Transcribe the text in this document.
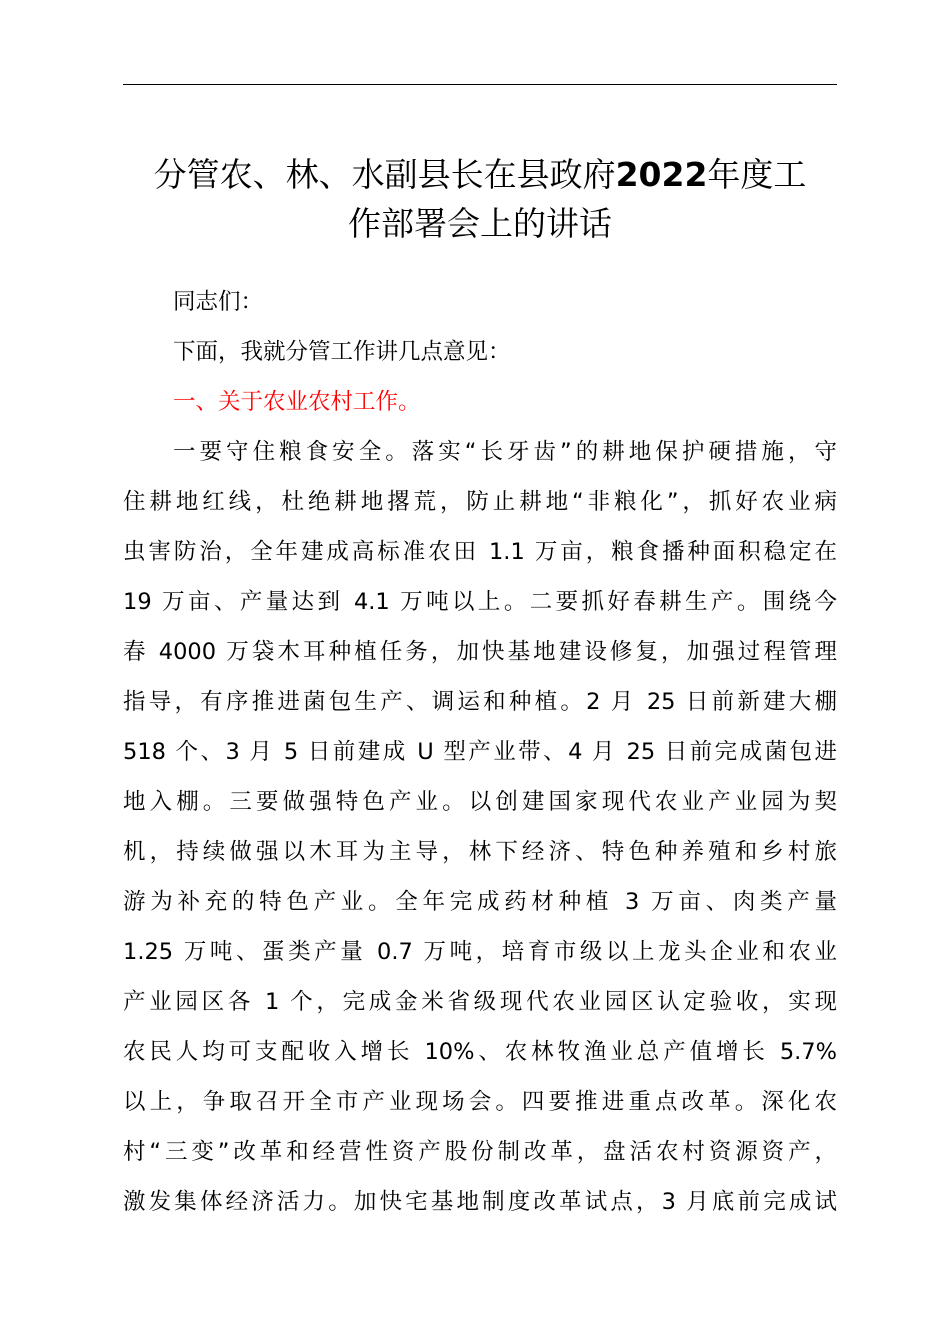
分管农、林、水副县长在县政府2022年度工
作部署会上的讲话
同志们：
下面，我就分管工作讲几点意见：
一、关于农业农村工作。
一要守住粮食安全。落实“长牙齿”的耕地保护硬措施，守
住耕地红线，杜绝耕地撂荒，防止耕地“非粮化”，抓好农业病
虫害防治，全年建成高标准农田 1.1 万亩，粮食播种面积稳定在
19 万亩、产量达到 4.1 万吨以上。二要抓好春耕生产。围绕今
春 4000 万袋木耳种植任务，加快基地建设修复，加强过程管理
指导，有序推进菌包生产、调运和种植。2 月 25 日前新建大棚
518 个、3 月 5 日前建成 U 型产业带、4 月 25 日前完成菌包进
地入棚。三要做强特色产业。以创建国家现代农业产业园为契
机，持续做强以木耳为主导，林下经济、特色种养殖和乡村旅
游为补充的特色产业。全年完成药材种植 3 万亩、肉类产量
1.25 万吨、蛋类产量 0.7 万吨，培育市级以上龙头企业和农业
产业园区各 1 个，完成金米省级现代农业园区认定验收，实现
农民人均可支配收入增长 10%、农林牧渔业总产值增长 5.7%
以上，争取召开全市产业现场会。四要推进重点改革。深化农
村“三变”改革和经营性资产股份制改革，盘活农村资源资产，
激发集体经济活力。加快宅基地制度改革试点，3 月底前完成试
